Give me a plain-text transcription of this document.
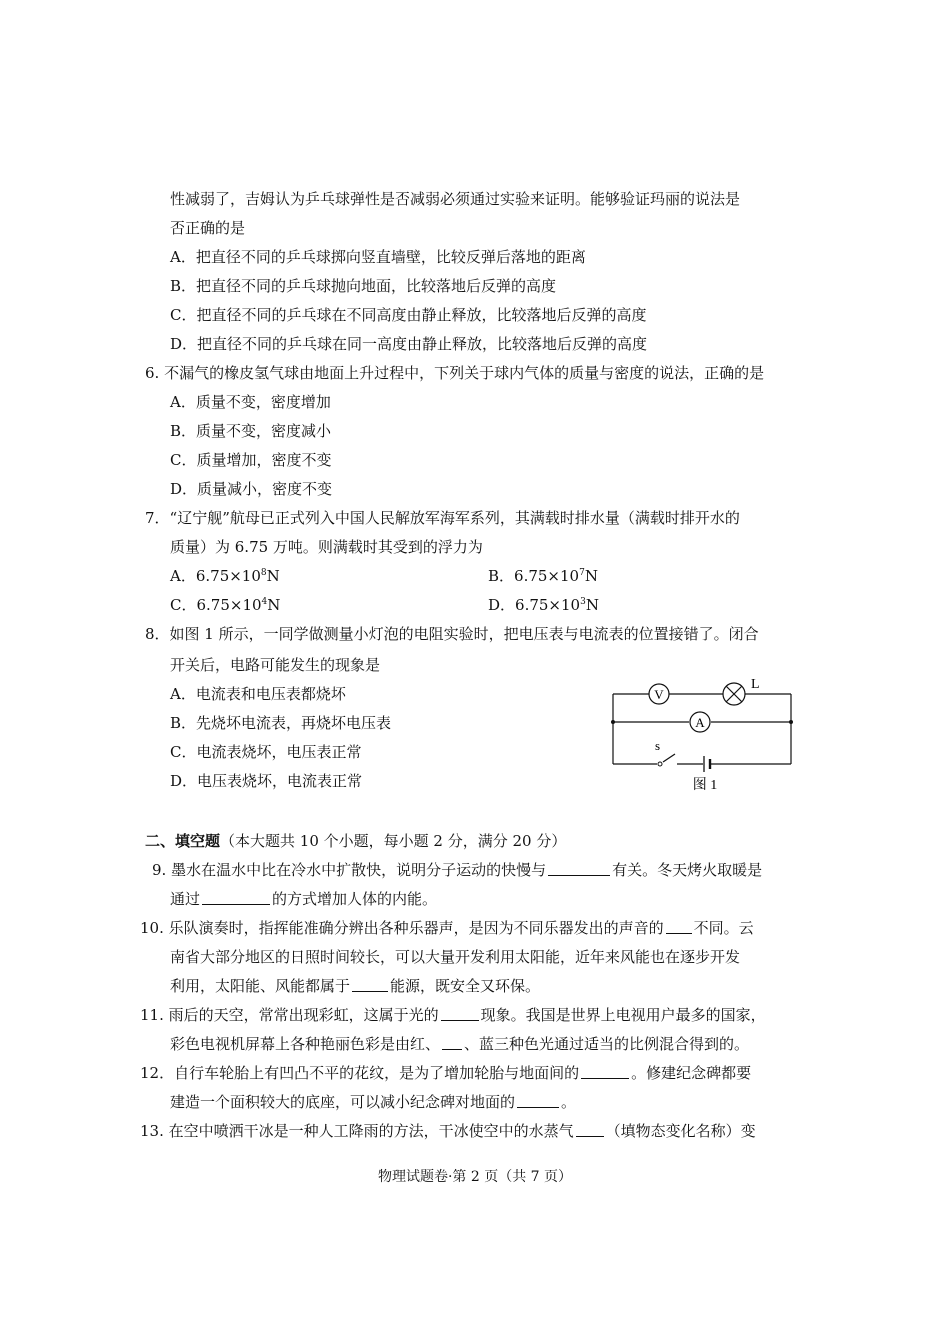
性减弱了，吉姆认为乒乓球弹性是否减弱必须通过实验来证明。能够验证玛丽的说法是
否正确的是
A．把直径不同的乒乓球掷向竖直墙壁，比较反弹后落地的距离
B．把直径不同的乒乓球抛向地面，比较落地后反弹的高度
C．把直径不同的乒乓球在不同高度由静止释放，比较落地后反弹的高度
D．把直径不同的乒乓球在同一高度由静止释放，比较落地后反弹的高度
6. 不漏气的橡皮氢气球由地面上升过程中，下列关于球内气体的质量与密度的说法，正确的是
A．质量不变，密度增加
B．质量不变，密度减小
C．质量增加，密度不变
D．质量减小，密度不变
7．“辽宁舰”航母已正式列入中国人民解放军海军系列，其满载时排水量（满载时排开水的
质量）为 6.75 万吨。则满载时其受到的浮力为
A．$6.75\times 10^8N$	B．$6.75\times 10^7N$
C．$6.75\times 10^4N$	D．$6.75\times 10^3N$
8．如图 1 所示，一同学做测量小灯泡的电阻实验时，把电压表与电流表的位置接错了。闭合
开关后，电路可能发生的现象是
A．电流表和电压表都烧坏
B．先烧坏电流表，再烧坏电压表
C．电流表烧坏，电压表正常
D．电压表烧坏，电流表正常
V
L
A
s
图 1
二、填空题（本大题共 10 个小题，每小题 2 分，满分 20 分）
9. 墨水在温水中比在冷水中扩散快，说明分子运动的快慢与	有关。冬天烤火取暖是
通过	的方式增加人体的内能。
10. 乐队演奏时，指挥能准确分辨出各种乐器声，是因为不同乐器发出的声音的 不同。云
南省大部分地区的日照时间较长，可以大量开发利用太阳能，近年来风能也在逐步开发
利用，太阳能、风能都属于	能源，既安全又环保。
11. 雨后的天空，常常出现彩虹，这属于光的	现象。我国是世界上电视用户最多的国家，
彩色电视机屏幕上各种艳丽色彩是由红、 、蓝三种色光通过适当的比例混合得到的。
12．自行车轮胎上有凹凸不平的花纹，是为了增加轮胎与地面间的	。修建纪念碑都要
建造一个面积较大的底座，可以减小纪念碑对地面的	。
13. 在空中喷洒干冰是一种人工降雨的方法，干冰使空中的水蒸气 （填物态变化名称）变
物理试题卷·第 2 页（共 7 页）
